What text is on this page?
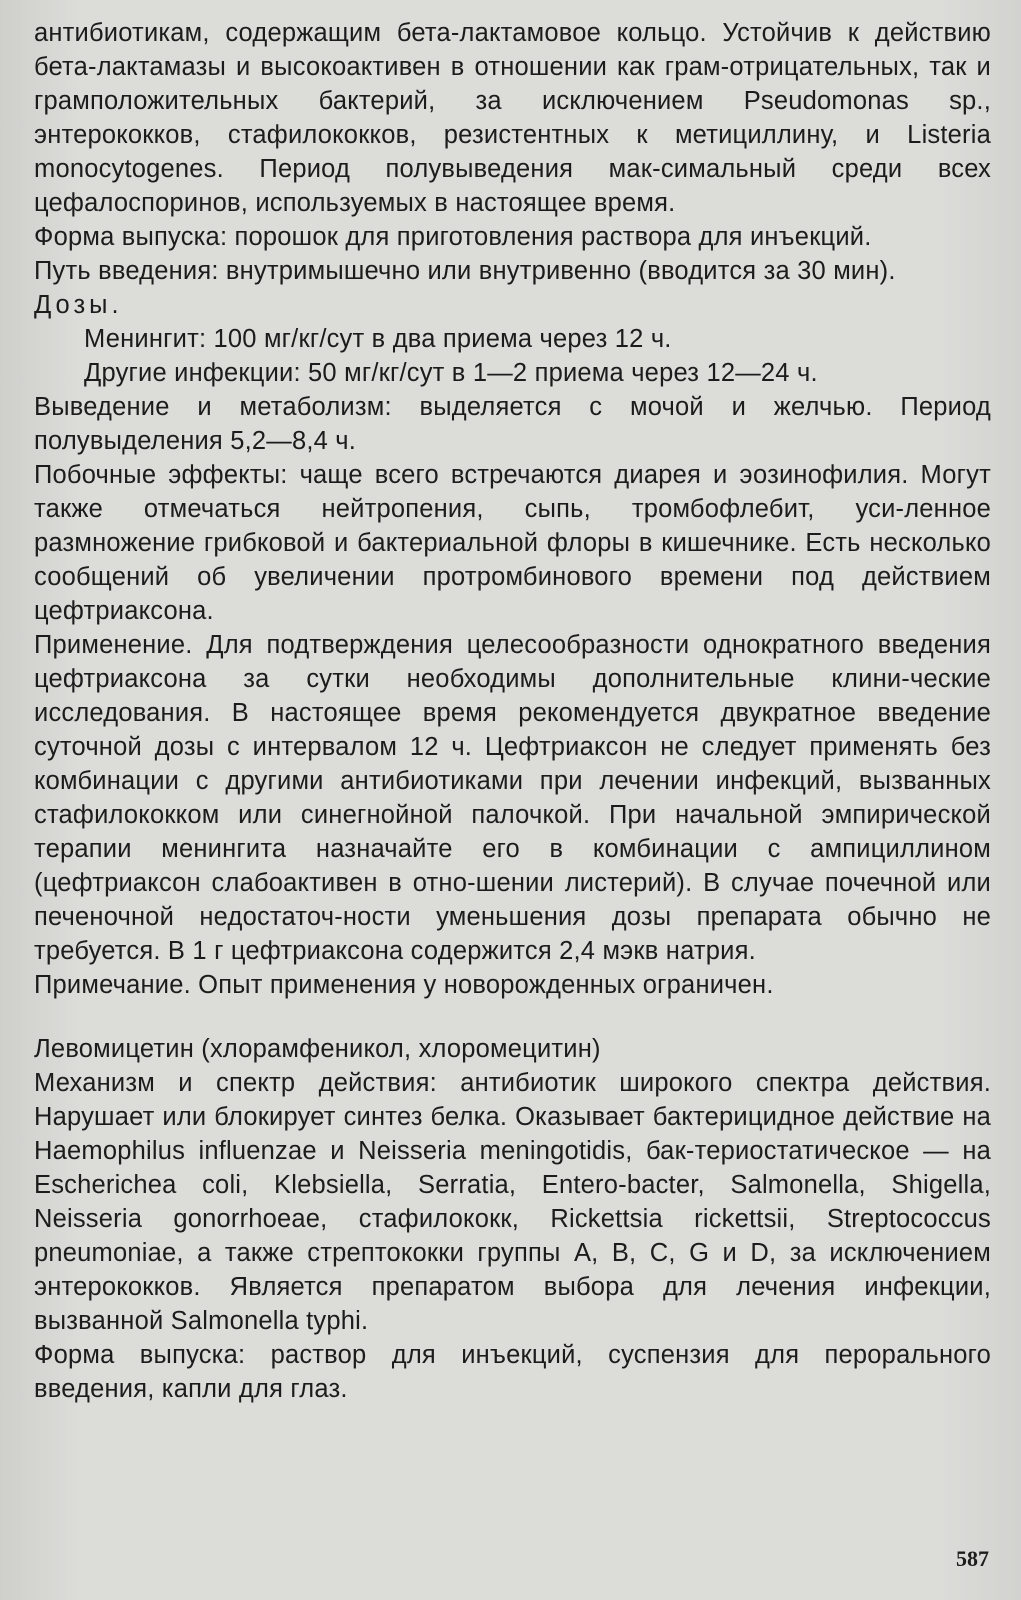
антибиотикам, содержащим бета-лактамовое кольцо. Устойчив к действию бета-лактамазы и высокоактивен в отношении как грам-отрицательных, так и грамположительных бактерий, за исключением Pseudomonas sp., энтерококков, стафилококков, резистентных к метициллину, и Listeria monocytogenes. Период полувыведения мак-симальный среди всех цефалоспоринов, используемых в настоящее время.

Форма выпуска: порошок для приготовления раствора для инъекций.

Путь введения: внутримышечно или внутривенно (вводится за 30 мин).

Дозы.

Менингит: 100 мг/кг/сут в два приема через 12 ч.

Другие инфекции: 50 мг/кг/сут в 1—2 приема через 12—24 ч.

Выведение и метаболизм: выделяется с мочой и желчью. Период полувыделения 5,2—8,4 ч.

Побочные эффекты: чаще всего встречаются диарея и эозинофилия. Могут также отмечаться нейтропения, сыпь, тромбофлебит, уси-ленное размножение грибковой и бактериальной флоры в кишечнике. Есть несколько сообщений об увеличении протромбинового времени под действием цефтриаксона.

Применение. Для подтверждения целесообразности однократного введения цефтриаксона за сутки необходимы дополнительные клини-ческие исследования. В настоящее время рекомендуется двукратное введение суточной дозы с интервалом 12 ч. Цефтриаксон не следует применять без комбинации с другими антибиотиками при лечении инфекций, вызванных стафилококком или синегнойной палочкой. При начальной эмпирической терапии менингита назначайте его в комбинации с ампициллином (цефтриаксон слабоактивен в отно-шении листерий). В случае почечной или печеночной недостаточ-ности уменьшения дозы препарата обычно не требуется. В 1 г цефтриаксона содержится 2,4 мэкв натрия.

Примечание. Опыт применения у новорожденных ограничен.

Левомицетин (хлорамфеникол, хлоромецитин)

Механизм и спектр действия: антибиотик широкого спектра действия. Нарушает или блокирует синтез белка. Оказывает бактерицидное действие на Haemophilus influenzae и Neisseria meningotidis, бак-териостатическое — на Escherichea coli, Klebsiella, Serratia, Entero-bacter, Salmonella, Shigella, Neisseria gonorrhoeae, стафилококк, Rickettsia rickettsii, Streptococcus pneumoniae, а также стрептококки группы А, В, С, G и D, за исключением энтерококков. Является препаратом выбора для лечения инфекции, вызванной Salmonella typhi.

Форма выпуска: раствор для инъекций, суспензия для перорального введения, капли для глаз.

587
